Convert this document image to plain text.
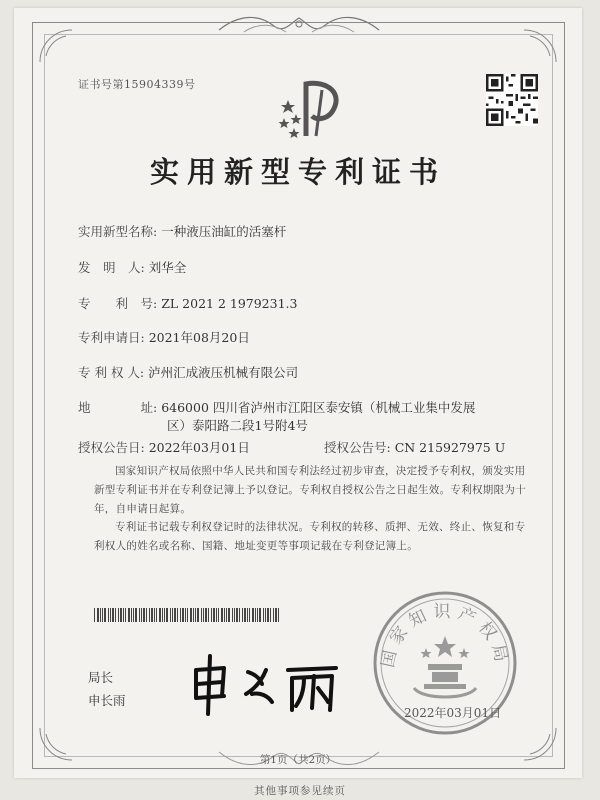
证书号第15904339号
实用新型专利证书
实用新型名称: 一种液压油缸的活塞杆
发　明　人: 刘华全
专　　利　号: ZL 2021 2 1979231.3
专利申请日: 2021年08月20日
专 利 权 人: 泸州汇成液压机械有限公司
地　　　　址: 646000 四川省泸州市江阳区泰安镇（机械工业集中发展
区）泰阳路二段1号附4号
授权公告日: 2022年03月01日	授权公告号: CN 215927975 U
国家知识产权局依照中华人民共和国专利法经过初步审查，决定授予专利权，颁发实用新型专利证书并在专利登记簿上予以登记。专利权自授权公告之日起生效。专利权期限为十年，自申请日起算。
专利证书记载专利权登记时的法律状况。专利权的转移、质押、无效、终止、恢复和专利权人的姓名或名称、国籍、地址变更等事项记载在专利登记簿上。
国家知识产权局
2022年03月01日
局长
申长雨
第1页（共2页）
其他事项参见续页
